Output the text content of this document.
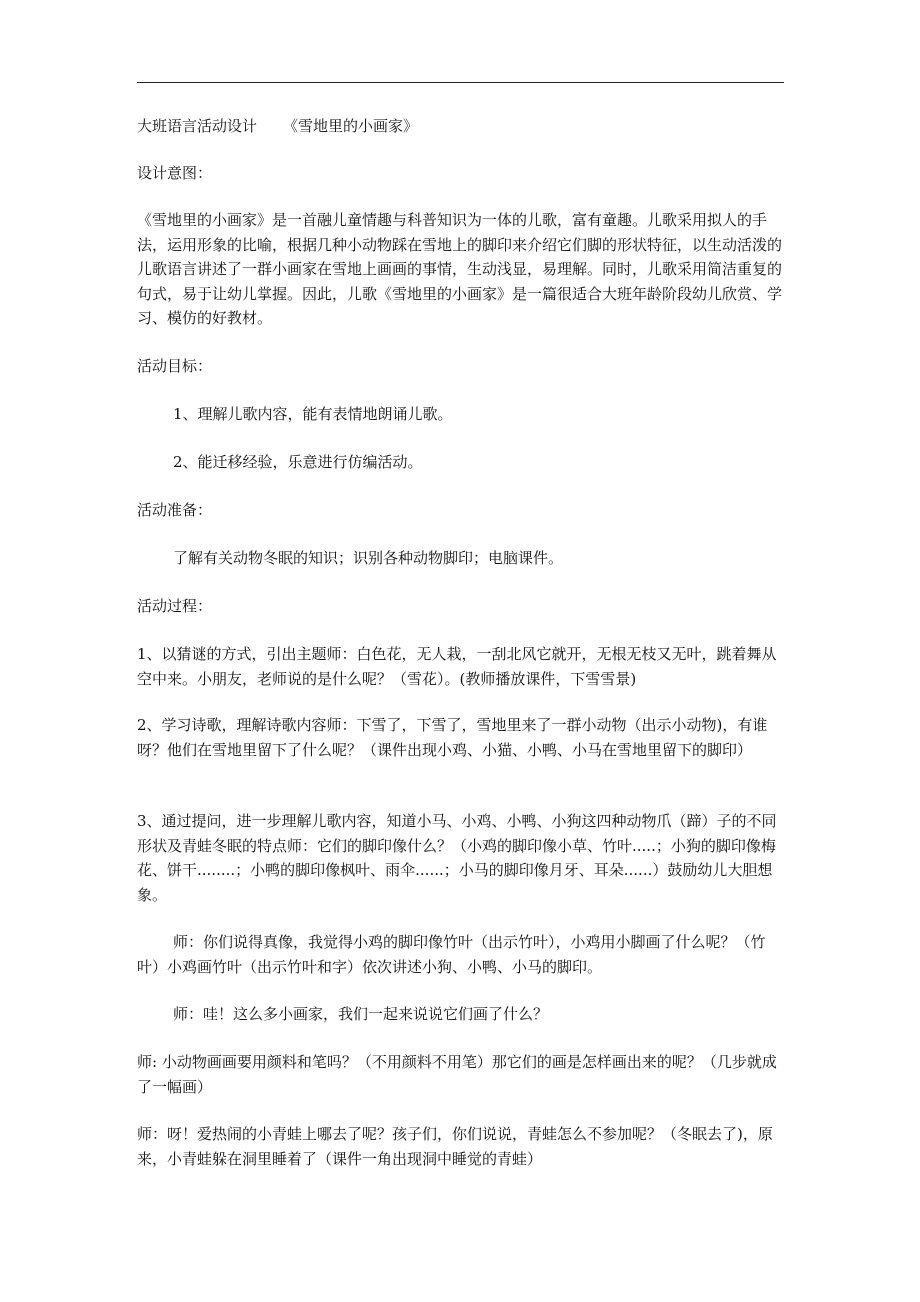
大班语言活动设计 《雪地里的小画家》

设计意图：

《雪地里的小画家》是一首融儿童情趣与科普知识为一体的儿歌，富有童趣。儿歌采用拟人的手法，运用形象的比喻，根据几种小动物踩在雪地上的脚印来介绍它们脚的形状特征，以生动活泼的儿歌语言讲述了一群小画家在雪地上画画的事情，生动浅显，易理解。同时，儿歌采用简洁重复的句式，易于让幼儿掌握。因此，儿歌《雪地里的小画家》是一篇很适合大班年龄阶段幼儿欣赏、学习、模仿的好教材。

活动目标：

1、理解儿歌内容，能有表情地朗诵儿歌。

2、能迁移经验，乐意进行仿编活动。

活动准备：

了解有关动物冬眠的知识；识别各种动物脚印；电脑课件。

活动过程：

1、以猜谜的方式，引出主题师：白色花，无人栽，一刮北风它就开，无根无枝又无叶，跳着舞从空中来。小朋友，老师说的是什么呢？（雪花）。(教师播放课件，下雪雪景)

2、学习诗歌，理解诗歌内容师：下雪了，下雪了，雪地里来了一群小动物（出示小动物)，有谁呀？他们在雪地里留下了什么呢？（课件出现小鸡、小猫、小鸭、小马在雪地里留下的脚印）

3、通过提问，进一步理解儿歌内容，知道小马、小鸡、小鸭、小狗这四种动物爪（蹄）子的不同形状及青蛙冬眠的特点师：它们的脚印像什么？（小鸡的脚印像小草、竹叶.....；小狗的脚印像梅花、饼干........；小鸭的脚印像枫叶、雨伞......；小马的脚印像月牙、耳朵......）鼓励幼儿大胆想象。

师：你们说得真像，我觉得小鸡的脚印像竹叶（出示竹叶），小鸡用小脚画了什么呢？（竹叶）小鸡画竹叶（出示竹叶和字）依次讲述小狗、小鸭、小马的脚印。

师：哇！这么多小画家，我们一起来说说它们画了什么？

师: 小动物画画要用颜料和笔吗？（不用颜料不用笔）那它们的画是怎样画出来的呢？（几步就成了一幅画）

师：呀！爱热闹的小青蛙上哪去了呢？孩子们，你们说说，青蛙怎么不参加呢？（冬眠去了)，原来，小青蛙躲在洞里睡着了（课件一角出现洞中睡觉的青蛙）
